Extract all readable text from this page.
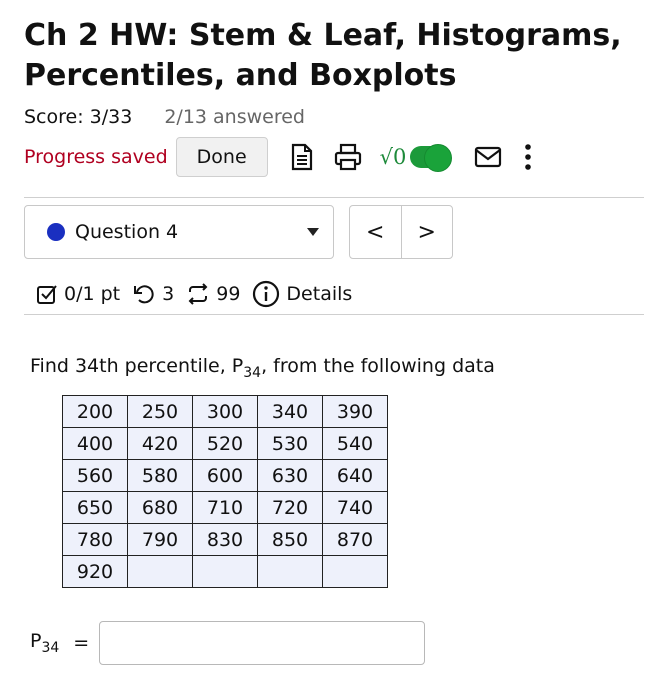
Ch 2 HW: Stem & Leaf, Histograms, Percentiles, and Boxplots
Score: 3/33 2/13 answered
Progress saved	Done	√0
Question 4	<	>
0/1 pt 3 99 Details
Find 34th percentile, $P_{34}$, from the following data
200	250	300	340	390
400	420	520	530	540
560	580	600	630	640
650	680	710	720	740
780	790	830	850	870
920				
$P_{34}$ =
